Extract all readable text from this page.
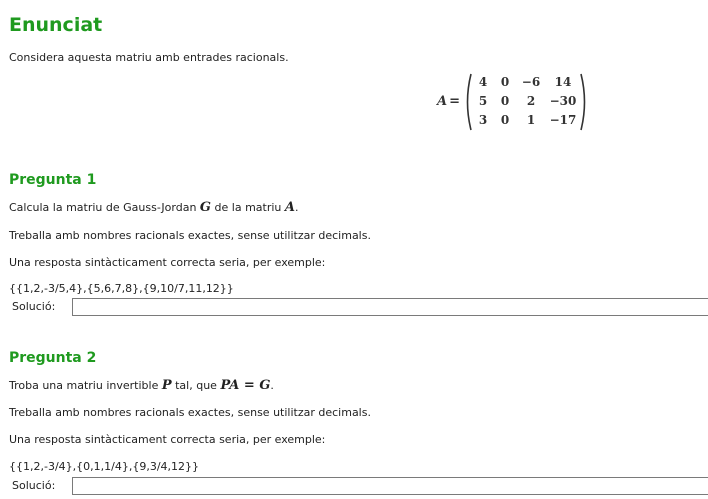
Enunciat
Considera aquesta matriu amb entrades racionals.
A =
4	0	−6	14
5	0	2	−30
3	0	1	−17
Pregunta 1
Calcula la matriu de Gauss-Jordan G de la matriu A.
Treballa amb nombres racionals exactes, sense utilitzar decimals.
Una resposta sintàcticament correcta seria, per exemple:
{{1,2,-3/5,4},{5,6,7,8},{9,10/7,11,12}}
Solució:
Pregunta 2
Troba una matriu invertible P tal, que PA = G.
Treballa amb nombres racionals exactes, sense utilitzar decimals.
Una resposta sintàcticament correcta seria, per exemple:
{{1,2,-3/4},{0,1,1/4},{9,3/4,12}}
Solució:
